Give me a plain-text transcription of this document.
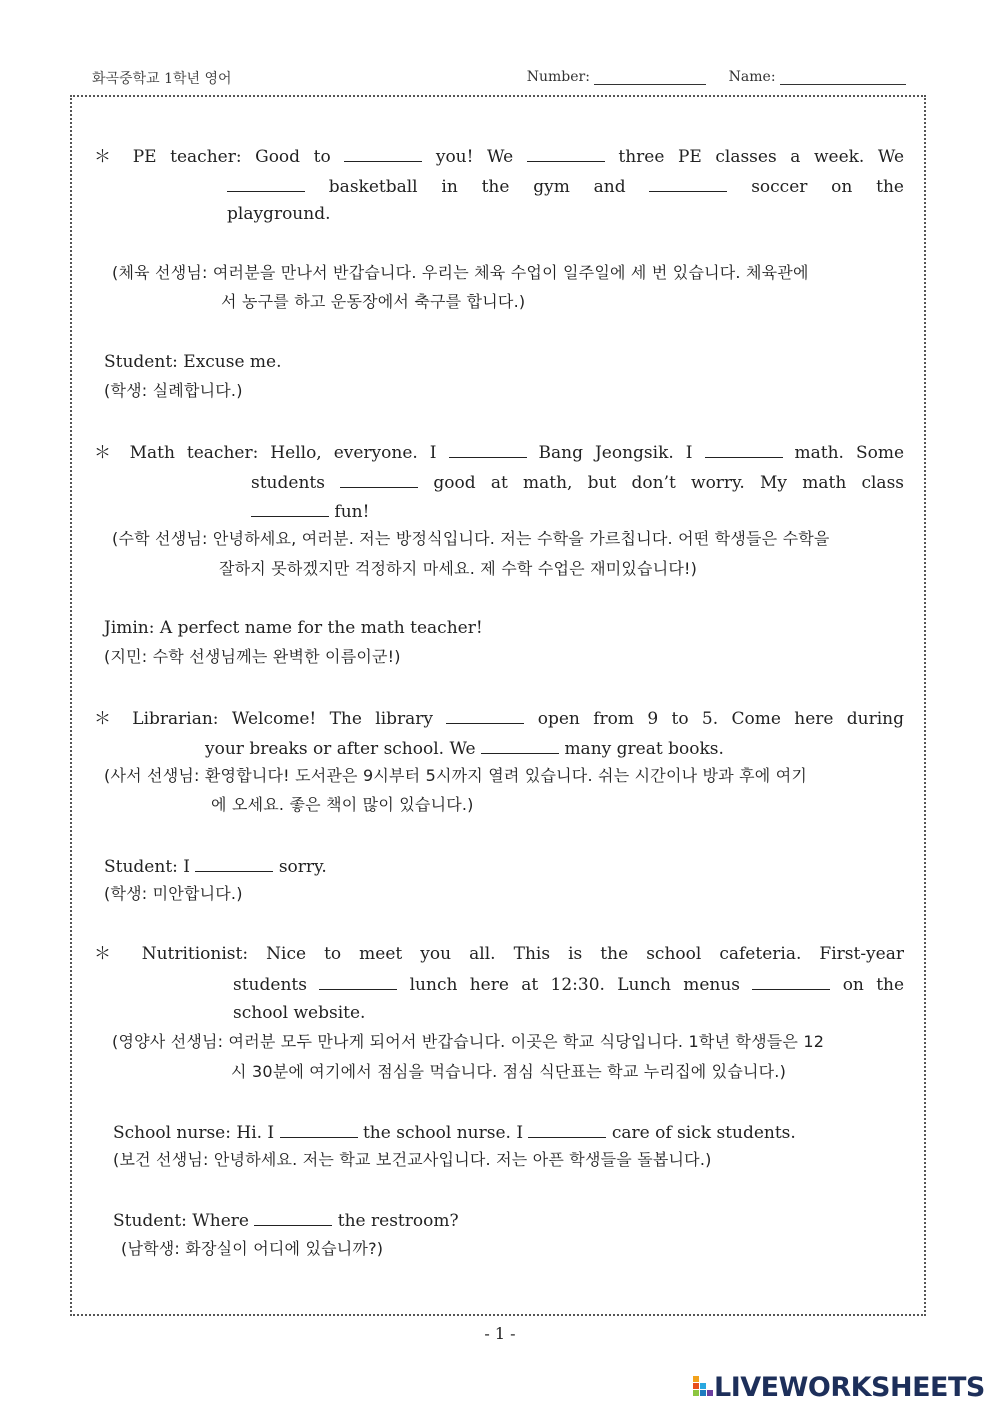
화곡중학교 1학년 영어	Number:	Name:
＊ PE teacher: Good to	you! We	three PE classes a week. We
basketball in the gym and	soccer on the
playground.
(체육 선생님: 여러분을 만나서 반갑습니다. 우리는 체육 수업이 일주일에 세 번 있습니다. 체육관에
서 농구를 하고 운동장에서 축구를 합니다.)
Student: Excuse me.
(학생: 실례합니다.)
＊ Math teacher: Hello, everyone. I	Bang Jeongsik. I	math. Some
students	good at math, but don’t worry. My math class
fun!
(수학 선생님: 안녕하세요, 여러분. 저는 방정식입니다. 저는 수학을 가르칩니다. 어떤 학생들은 수학을
잘하지 못하겠지만 걱정하지 마세요. 제 수학 수업은 재미있습니다!)
Jimin: A perfect name for the math teacher!
(지민: 수학 선생님께는 완벽한 이름이군!)
＊ Librarian: Welcome! The library	open from 9 to 5. Come here during
your breaks or after school. We	many great books.
(사서 선생님: 환영합니다! 도서관은 9시부터 5시까지 열려 있습니다. 쉬는 시간이나 방과 후에 여기
에 오세요. 좋은 책이 많이 있습니다.)
Student: I	sorry.
(학생: 미안합니다.)
＊ Nutritionist: Nice to meet you all. This is the school cafeteria. First-year
students	lunch here at 12:30. Lunch menus	on the
school website.
(영양사 선생님: 여러분 모두 만나게 되어서 반갑습니다. 이곳은 학교 식당입니다. 1학년 학생들은 12
시 30분에 여기에서 점심을 먹습니다. 점심 식단표는 학교 누리집에 있습니다.)
School nurse: Hi. I	the school nurse. I	care of sick students.
(보건 선생님: 안녕하세요. 저는 학교 보건교사입니다. 저는 아픈 학생들을 돌봅니다.)
Student: Where	the restroom?
(남학생: 화장실이 어디에 있습니까?)
- 1 -
LIVEWORKSHEETS
